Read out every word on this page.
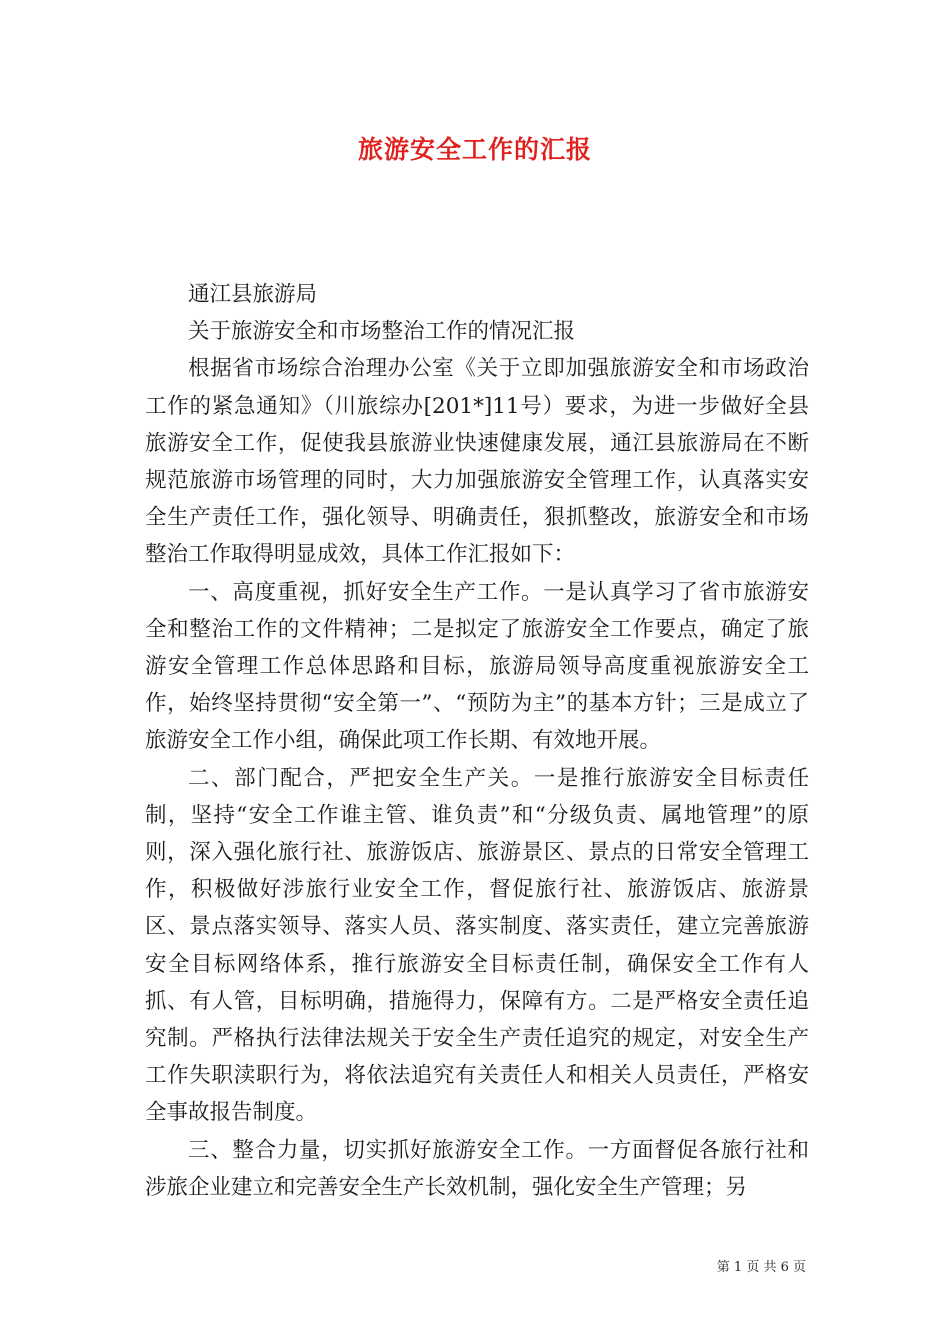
旅游安全工作的汇报

通江县旅游局

关于旅游安全和市场整治工作的情况汇报

根据省市场综合治理办公室《关于立即加强旅游安全和市场政治工作的紧急通知》（川旅综办[201*]11号）要求，为进一步做好全县旅游安全工作，促使我县旅游业快速健康发展，通江县旅游局在不断规范旅游市场管理的同时，大力加强旅游安全管理工作，认真落实安全生产责任工作，强化领导、明确责任，狠抓整改，旅游安全和市场整治工作取得明显成效，具体工作汇报如下：

一、高度重视，抓好安全生产工作。一是认真学习了省市旅游安全和整治工作的文件精神；二是拟定了旅游安全工作要点，确定了旅游安全管理工作总体思路和目标，旅游局领导高度重视旅游安全工作，始终坚持贯彻“安全第一”、“预防为主”的基本方针；三是成立了旅游安全工作小组，确保此项工作长期、有效地开展。

二、部门配合，严把安全生产关。一是推行旅游安全目标责任制，坚持“安全工作谁主管、谁负责”和“分级负责、属地管理”的原则，深入强化旅行社、旅游饭店、旅游景区、景点的日常安全管理工作，积极做好涉旅行业安全工作，督促旅行社、旅游饭店、旅游景区、景点落实领导、落实人员、落实制度、落实责任，建立完善旅游安全目标网络体系，推行旅游安全目标责任制，确保安全工作有人抓、有人管，目标明确，措施得力，保障有方。二是严格安全责任追究制。严格执行法律法规关于安全生产责任追究的规定，对安全生产工作失职渎职行为，将依法追究有关责任人和相关人员责任，严格安全事故报告制度。

三、整合力量，切实抓好旅游安全工作。一方面督促各旅行社和涉旅企业建立和完善安全生产长效机制，强化安全生产管理；另

第 1 页 共 6 页
